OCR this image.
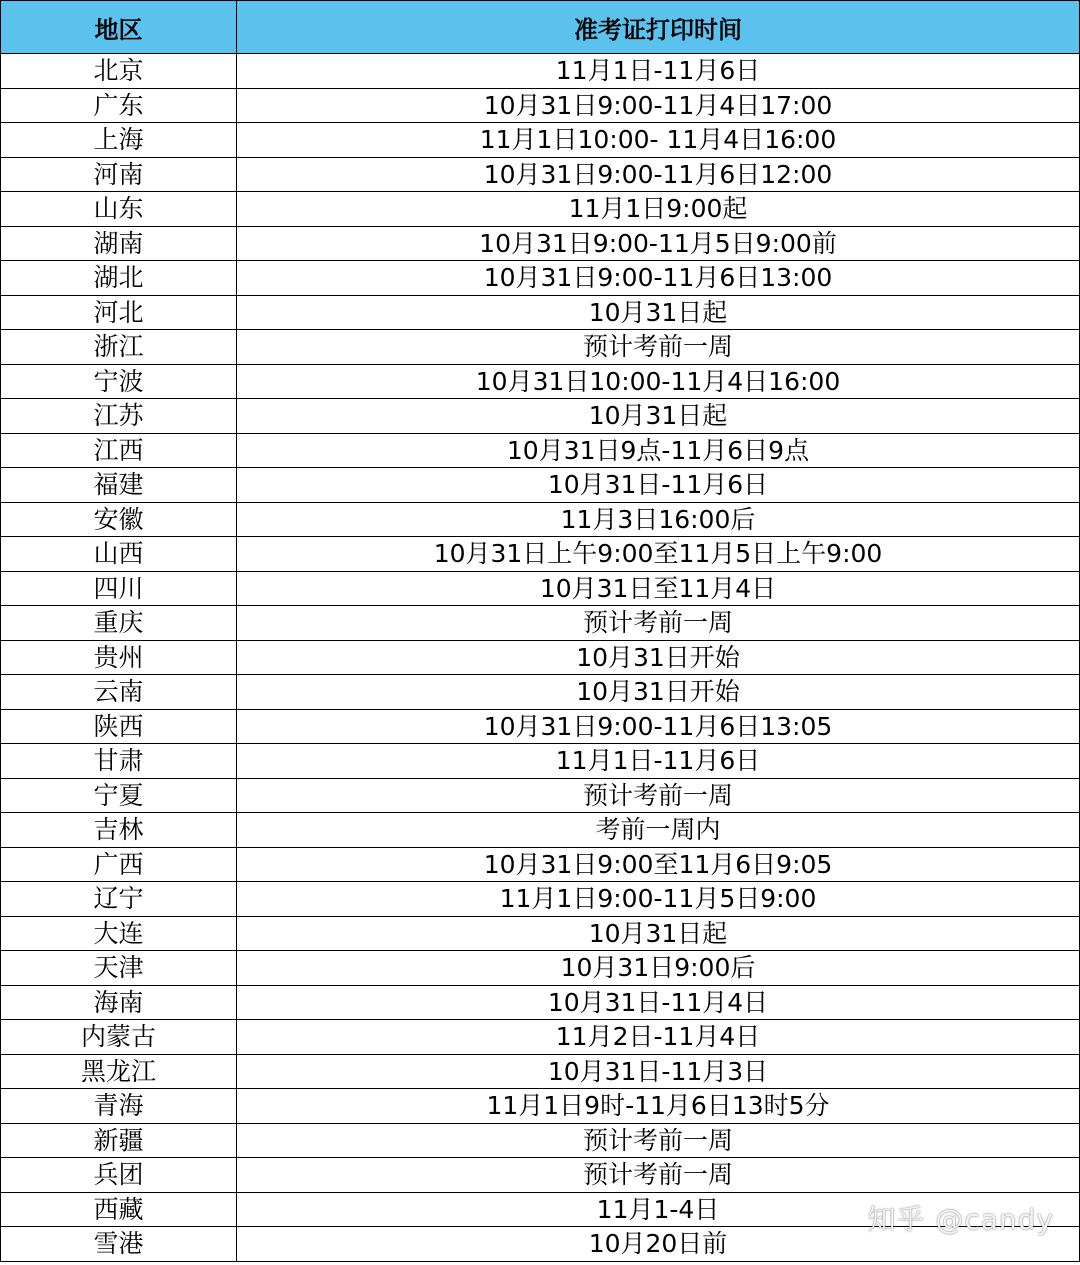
地区	准考证打印时间
北京	11月1日-11月6日
广东	10月31日9:00-11月4日17:00
上海	11月1日10:00- 11月4日16:00
河南	10月31日9:00-11月6日12:00
山东	11月1日9:00起
湖南	10月31日9:00-11月5日9:00前
湖北	10月31日9:00-11月6日13:00
河北	10月31日起
浙江	预计考前一周
宁波	10月31日10:00-11月4日16:00
江苏	10月31日起
江西	10月31日9点-11月6日9点
福建	10月31日-11月6日
安徽	11月3日16:00后
山西	10月31日上午9:00至11月5日上午9:00
四川	10月31日至11月4日
重庆	预计考前一周
贵州	10月31日开始
云南	10月31日开始
陕西	10月31日9:00-11月6日13:05
甘肃	11月1日-11月6日
宁夏	预计考前一周
吉林	考前一周内
广西	10月31日9:00至11月6日9:05
辽宁	11月1日9:00-11月5日9:00
大连	10月31日起
天津	10月31日9:00后
海南	10月31日-11月4日
内蒙古	11月2日-11月4日
黑龙江	10月31日-11月3日
青海	11月1日9时-11月6日13时5分
新疆	预计考前一周
兵团	预计考前一周
西藏	11月1-4日
雪港	10月20日前
知乎 @candy
